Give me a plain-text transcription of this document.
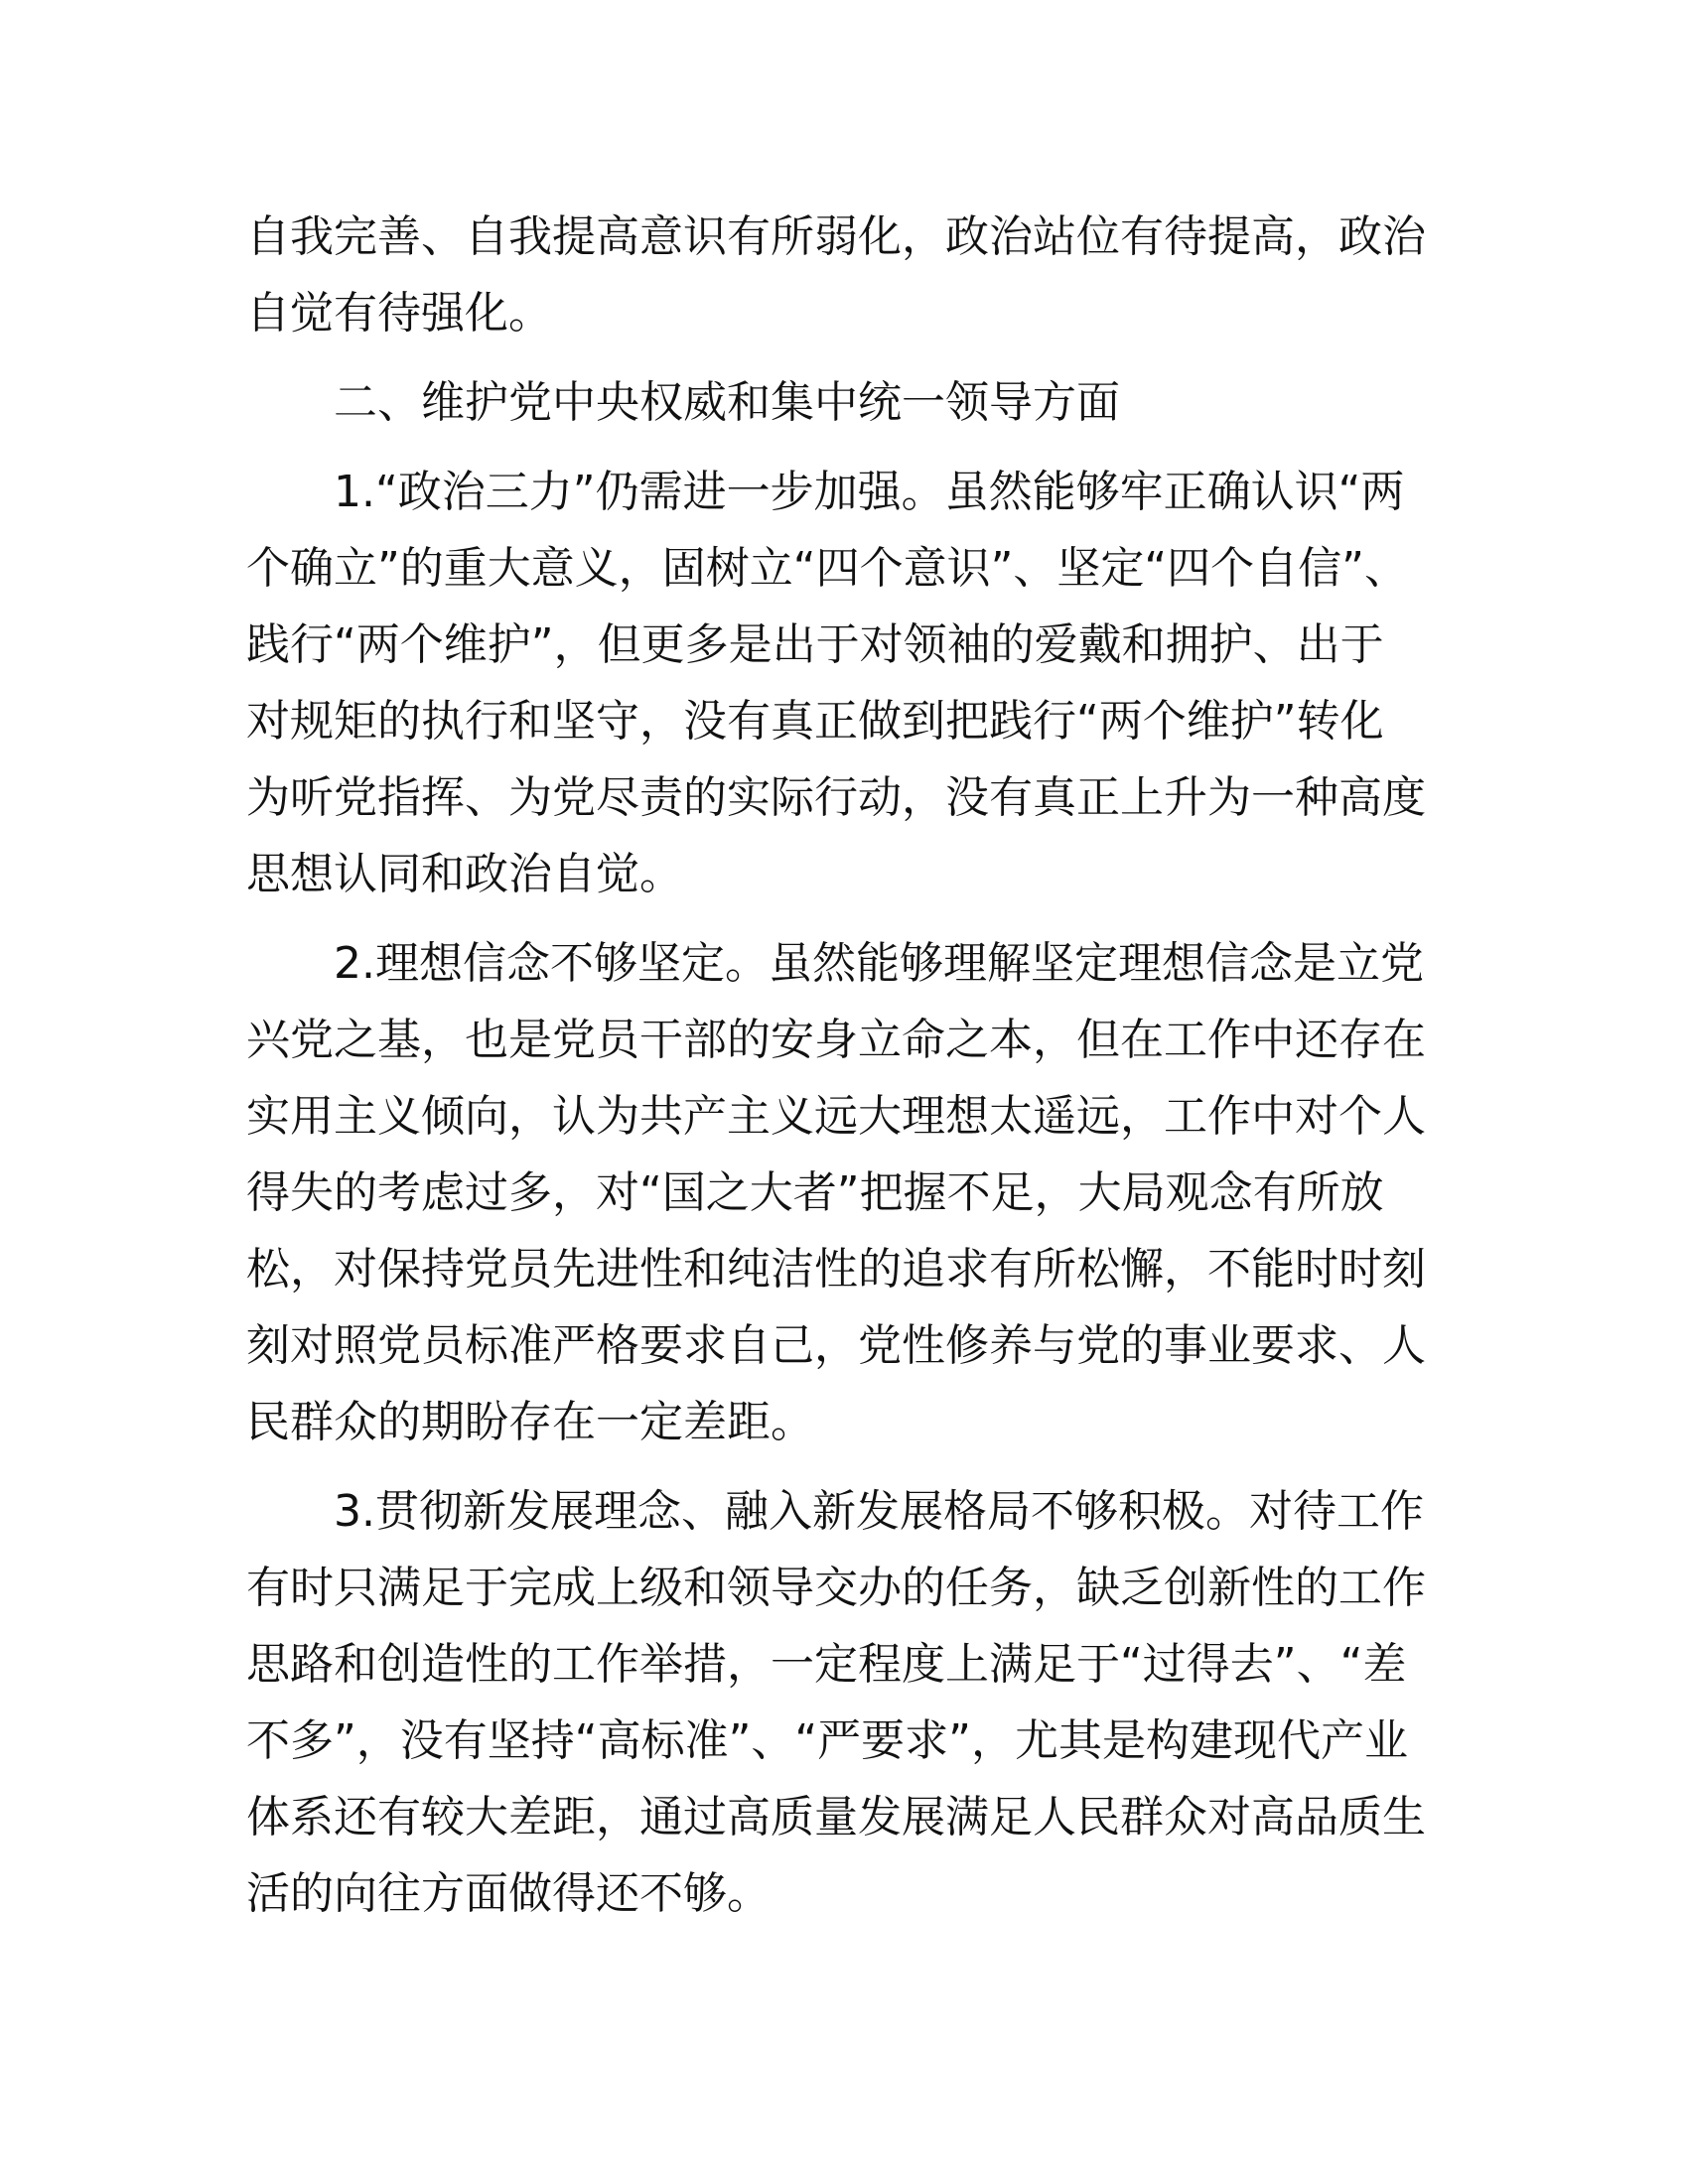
自我完善、自我提高意识有所弱化，政治站位有待提高，政治
自觉有待强化。

二、维护党中央权威和集中统一领导方面

1.“政治三力”仍需进一步加强。虽然能够牢正确认识“两
个确立”的重大意义，固树立“四个意识”、坚定“四个自信”、
践行“两个维护”，但更多是出于对领袖的爱戴和拥护、出于
对规矩的执行和坚守，没有真正做到把践行“两个维护”转化
为听党指挥、为党尽责的实际行动，没有真正上升为一种高度
思想认同和政治自觉。

2.理想信念不够坚定。虽然能够理解坚定理想信念是立党
兴党之基，也是党员干部的安身立命之本，但在工作中还存在
实用主义倾向，认为共产主义远大理想太遥远，工作中对个人
得失的考虑过多，对“国之大者”把握不足，大局观念有所放
松，对保持党员先进性和纯洁性的追求有所松懈，不能时时刻
刻对照党员标准严格要求自己，党性修养与党的事业要求、人
民群众的期盼存在一定差距。

3.贯彻新发展理念、融入新发展格局不够积极。对待工作
有时只满足于完成上级和领导交办的任务，缺乏创新性的工作
思路和创造性的工作举措，一定程度上满足于“过得去”、“差
不多”，没有坚持“高标准”、“严要求”，尤其是构建现代产业
体系还有较大差距，通过高质量发展满足人民群众对高品质生
活的向往方面做得还不够。
